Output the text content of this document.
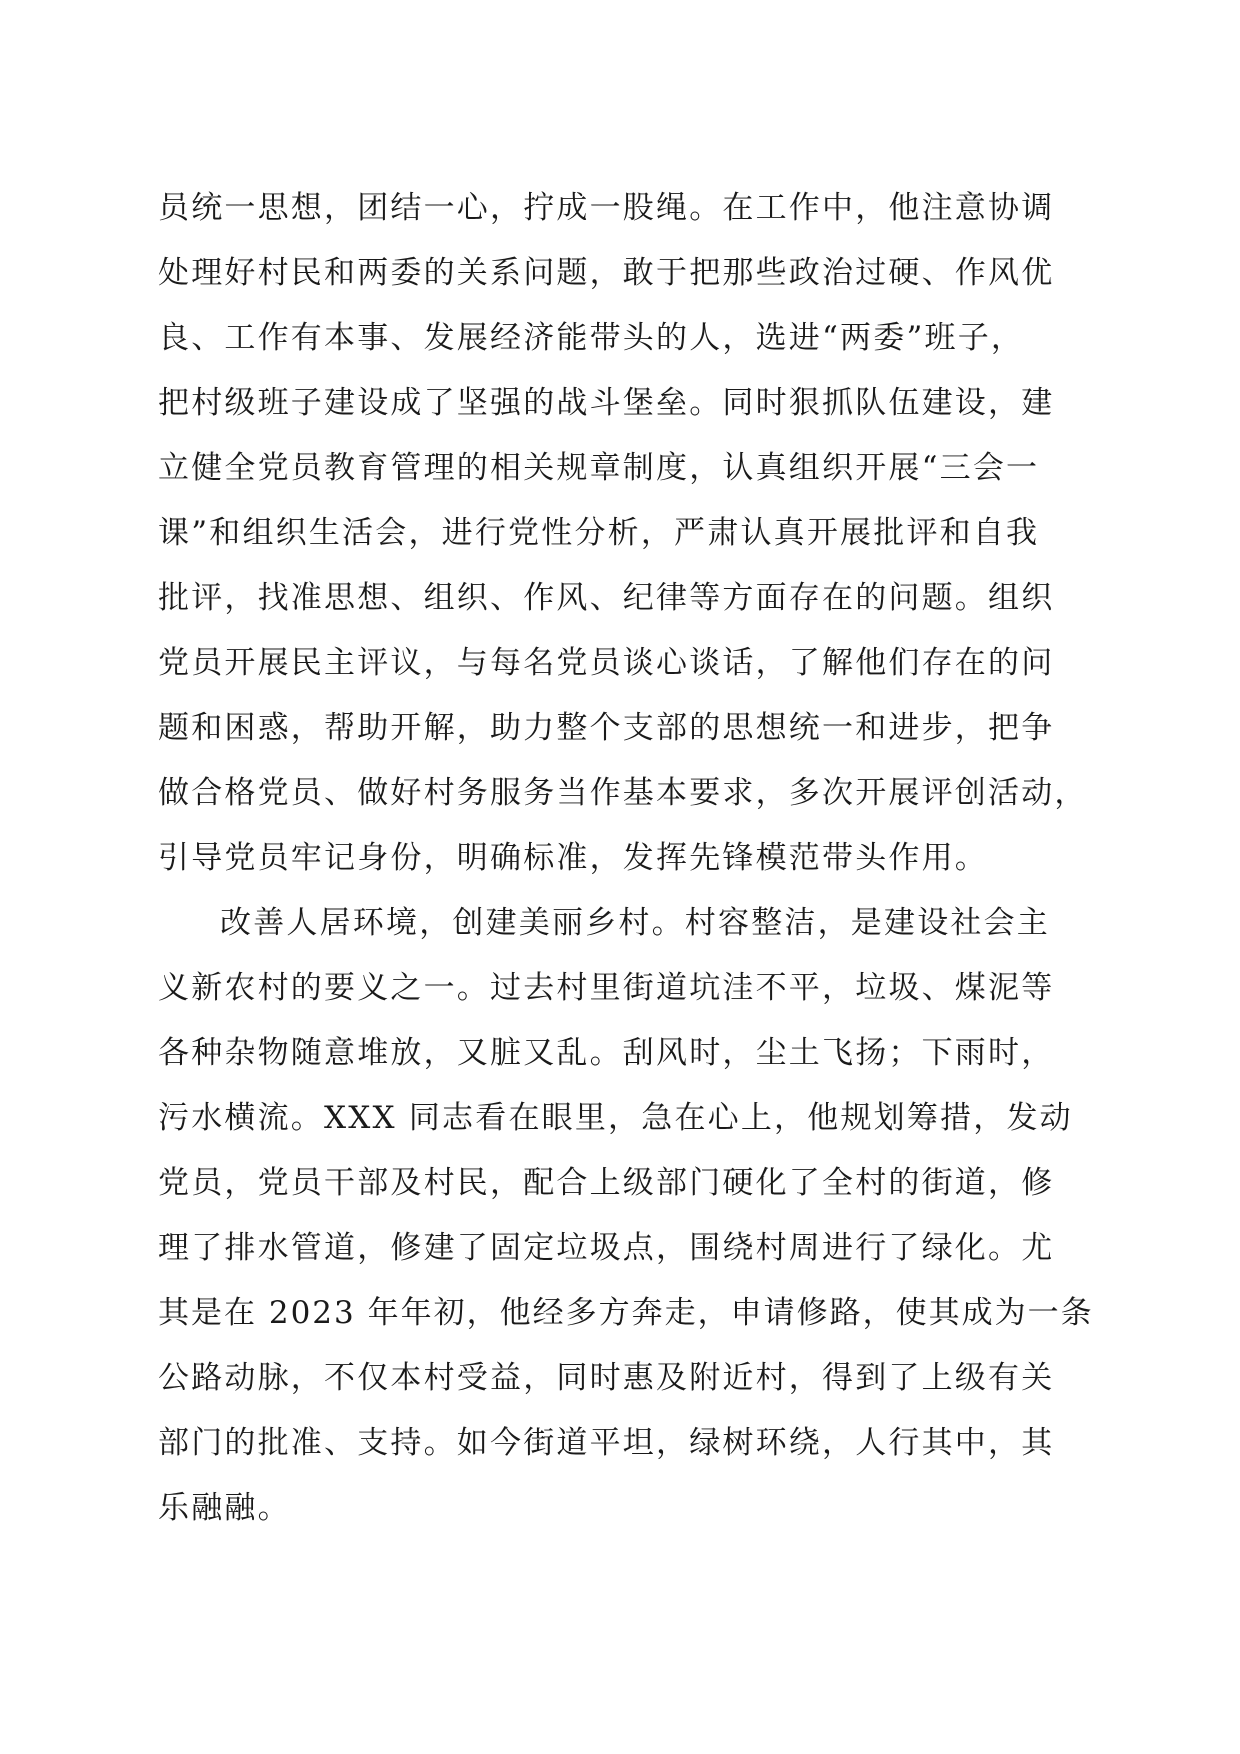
员统一思想，团结一心，拧成一股绳。在工作中，他注意协调
处理好村民和两委的关系问题，敢于把那些政治过硬、作风优
良、工作有本事、发展经济能带头的人，选进“两委”班子，
把村级班子建设成了坚强的战斗堡垒。同时狠抓队伍建设，建
立健全党员教育管理的相关规章制度，认真组织开展“三会一
课”和组织生活会，进行党性分析，严肃认真开展批评和自我
批评，找准思想、组织、作风、纪律等方面存在的问题。组织
党员开展民主评议，与每名党员谈心谈话，了解他们存在的问
题和困惑，帮助开解，助力整个支部的思想统一和进步，把争
做合格党员、做好村务服务当作基本要求，多次开展评创活动，
引导党员牢记身份，明确标准，发挥先锋模范带头作用。
改善人居环境，创建美丽乡村。村容整洁，是建设社会主
义新农村的要义之一。过去村里街道坑洼不平，垃圾、煤泥等
各种杂物随意堆放，又脏又乱。刮风时，尘土飞扬；下雨时，
污水横流。XXX 同志看在眼里，急在心上，他规划筹措，发动
党员，党员干部及村民，配合上级部门硬化了全村的街道，修
理了排水管道，修建了固定垃圾点，围绕村周进行了绿化。尤
其是在 2023 年年初，他经多方奔走，申请修路，使其成为一条
公路动脉，不仅本村受益，同时惠及附近村，得到了上级有关
部门的批准、支持。如今街道平坦，绿树环绕，人行其中，其
乐融融。
